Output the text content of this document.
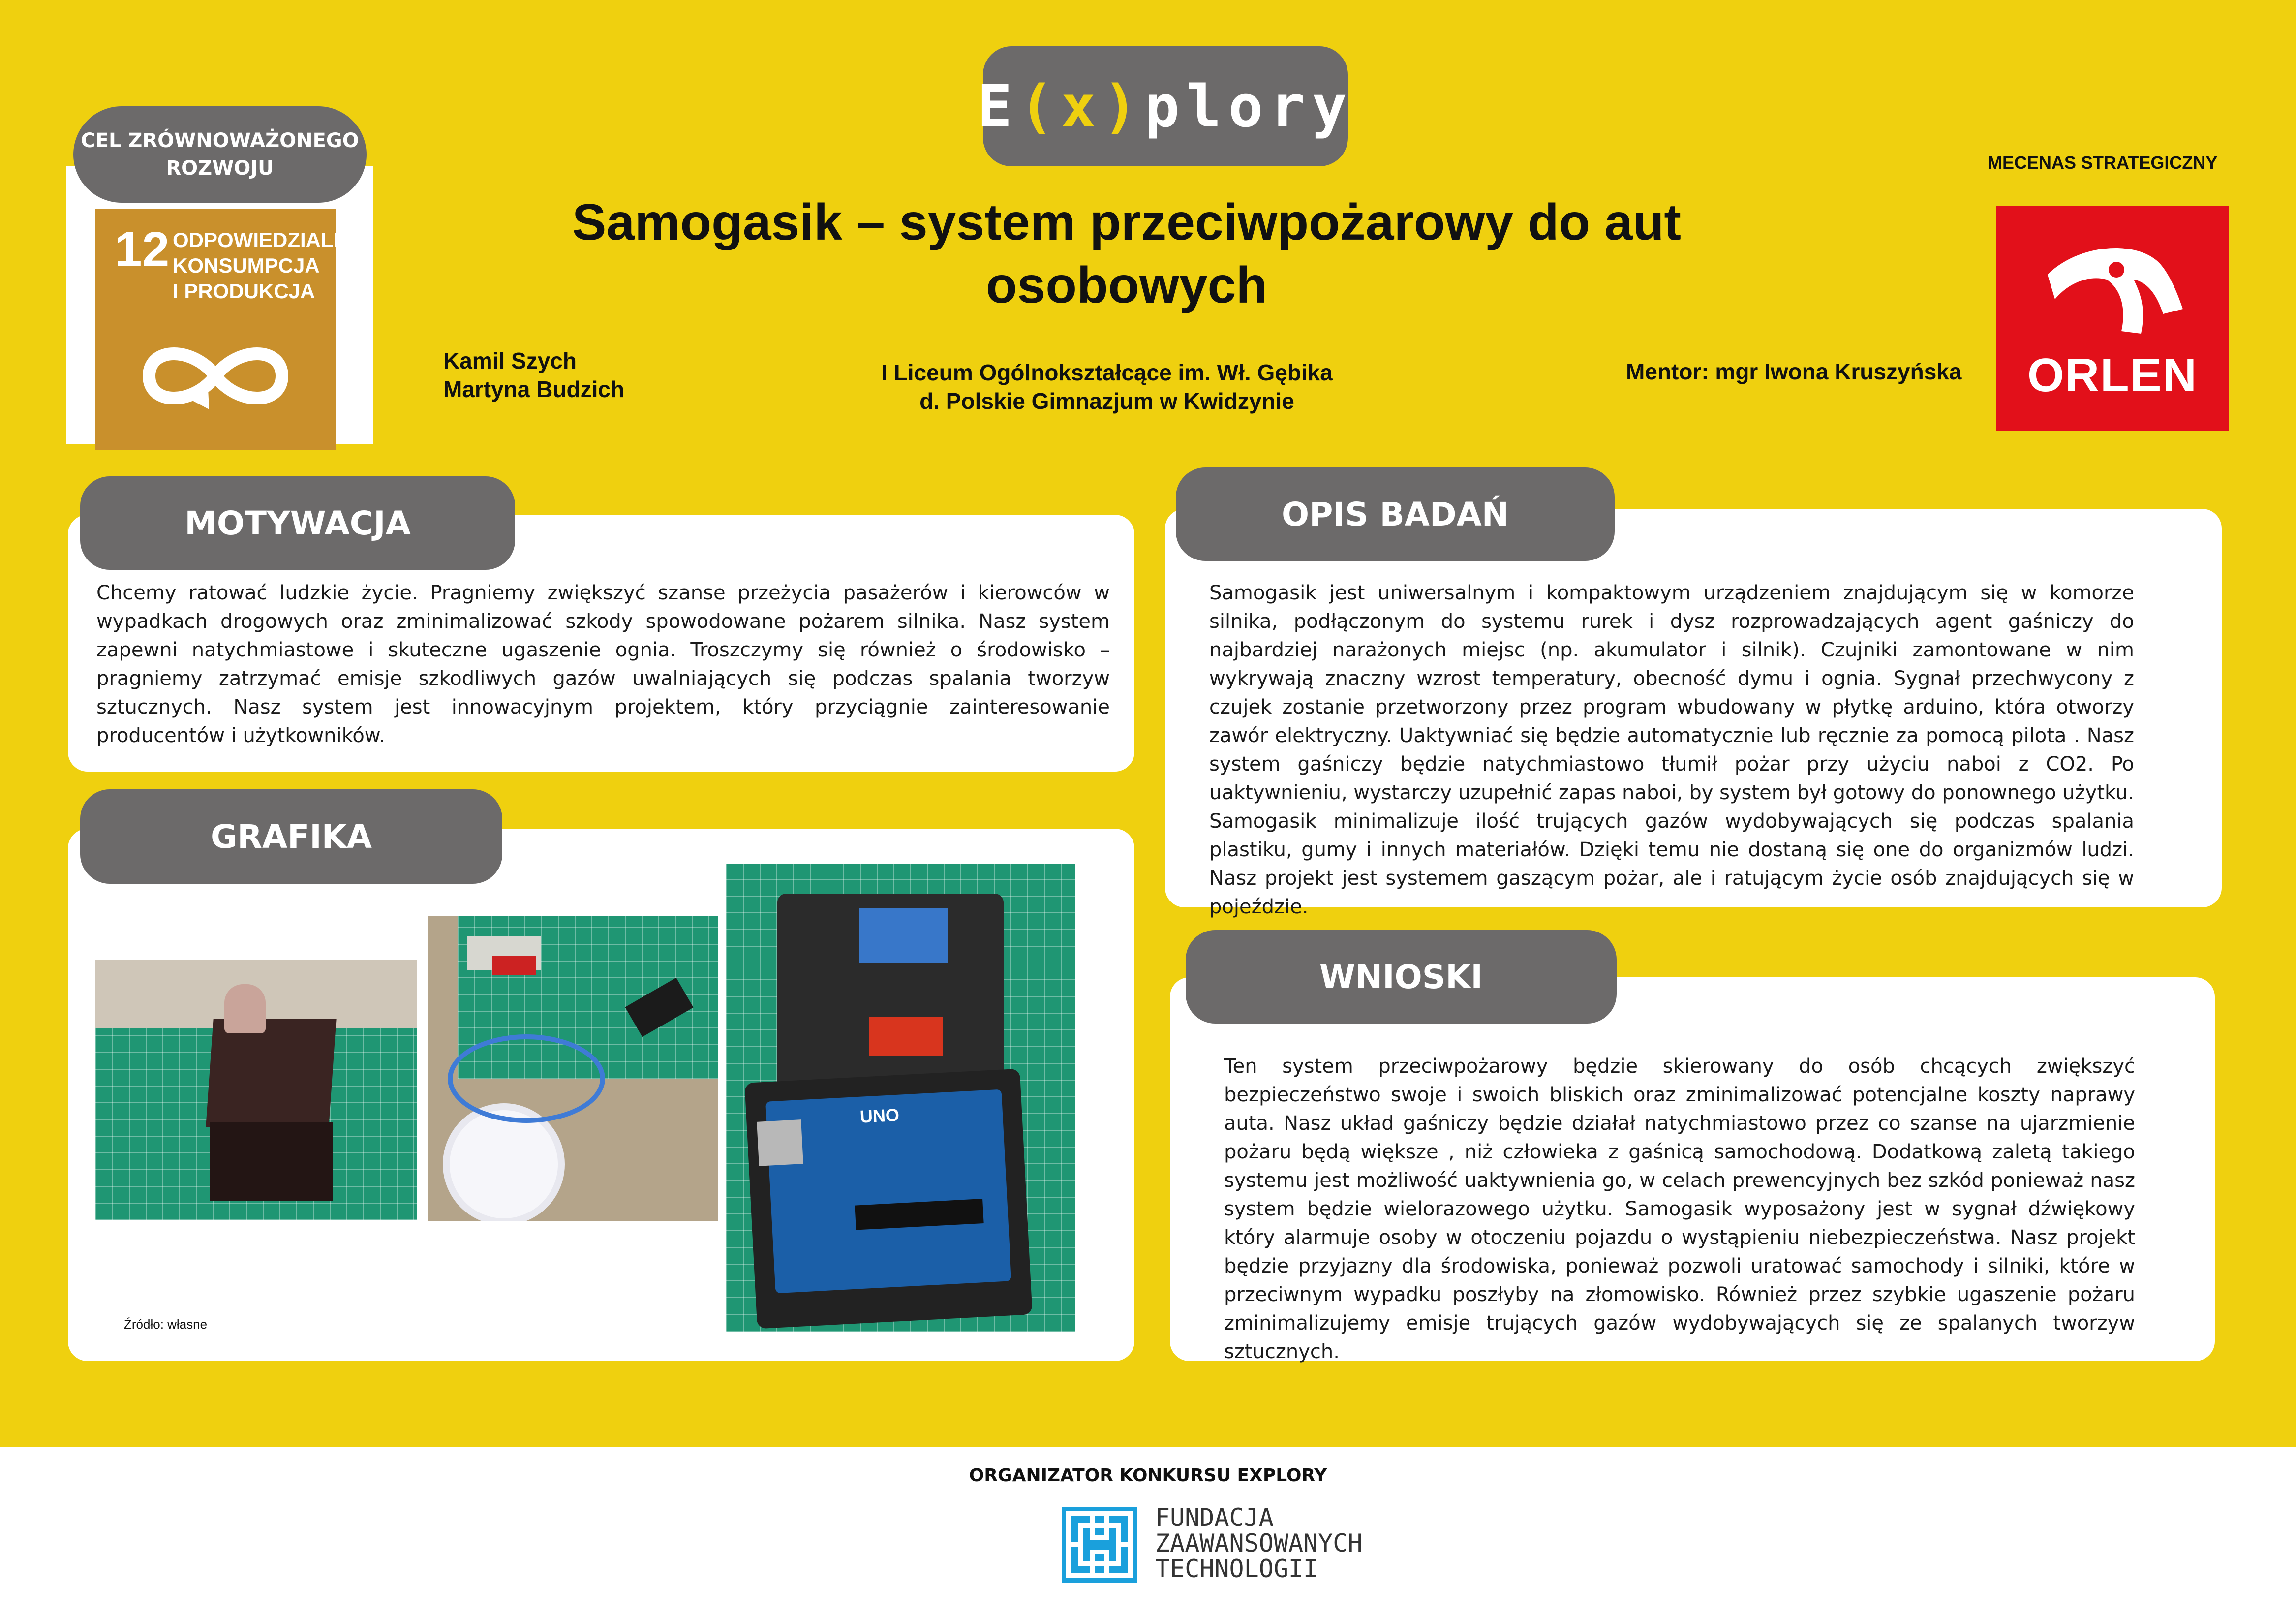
E (x) plory
12 ODPOWIEDZIALNA KONSUMPCJA I PRODUKCJA
CEL ZRÓWNOWAŻONEGO ROZWOJU
Samogasik – system przeciwpożarowy do aut osobowych
Kamil Szych
Martyna Budzich
I Liceum Ogólnokształcące im. Wł. Gębika
d. Polskie Gimnazjum w Kwidzynie
Mentor: mgr Iwona Kruszyńska
MECENAS STRATEGICZNY
ORLEN
MOTYWACJA
Chcemy ratować ludzkie życie. Pragniemy zwiększyć szanse przeżycia pasażerów i kierowców w wypadkach drogowych oraz zminimalizować szkody spowodowane pożarem silnika. Nasz system zapewni natychmiastowe i skuteczne ugaszenie ognia. Troszczymy się również o środowisko – pragniemy zatrzymać emisje szkodliwych gazów uwalniających się podczas spalania tworzyw sztucznych. Nasz system jest innowacyjnym projektem, który przyciągnie zainteresowanie producentów i użytkowników.
GRAFIKA
UNO
Źródło: własne
OPIS BADAŃ
Samogasik jest uniwersalnym i kompaktowym urządzeniem znajdującym się w komorze silnika, podłączonym do systemu rurek i dysz rozprowadzających agent gaśniczy do najbardziej narażonych miejsc (np. akumulator i silnik). Czujniki zamontowane w nim wykrywają znaczny wzrost temperatury, obecność dymu i ognia. Sygnał przechwycony z czujek zostanie przetworzony przez program wbudowany w płytkę arduino, która otworzy zawór elektryczny. Uaktywniać się będzie automatycznie lub ręcznie za pomocą pilota . Nasz system gaśniczy będzie natychmiastowo tłumił pożar przy użyciu naboi z CO2. Po uaktywnieniu, wystarczy uzupełnić zapas naboi, by system był gotowy do ponownego użytku. Samogasik minimalizuje ilość trujących gazów wydobywających się podczas spalania plastiku, gumy i innych materiałów. Dzięki temu nie dostaną się one do organizmów ludzi. Nasz projekt jest systemem gaszącym pożar, ale i ratującym życie osób znajdujących się w pojeździe.
WNIOSKI
Ten system przeciwpożarowy będzie skierowany do osób chcących zwiększyć bezpieczeństwo swoje i swoich bliskich oraz zminimalizować potencjalne koszty naprawy auta. Nasz układ gaśniczy będzie działał natychmiastowo przez co szanse na ujarzmienie pożaru będą większe , niż człowieka z gaśnicą samochodową. Dodatkową zaletą takiego systemu jest możliwość uaktywnienia go, w celach prewencyjnych bez szkód ponieważ nasz system będzie wielorazowego użytku. Samogasik wyposażony jest w sygnał dźwiękowy który alarmuje osoby w otoczeniu pojazdu o wystąpieniu niebezpieczeństwa. Nasz projekt będzie przyjazny dla środowiska, ponieważ pozwoli uratować samochody i silniki, które w przeciwnym wypadku poszłyby na złomowisko. Również przez szybkie ugaszenie pożaru zminimalizujemy emisje trujących gazów wydobywających się ze spalanych tworzyw sztucznych.
ORGANIZATOR KONKURSU EXPLORY
FUNDACJA
ZAAWANSOWANYCH
TECHNOLOGII
